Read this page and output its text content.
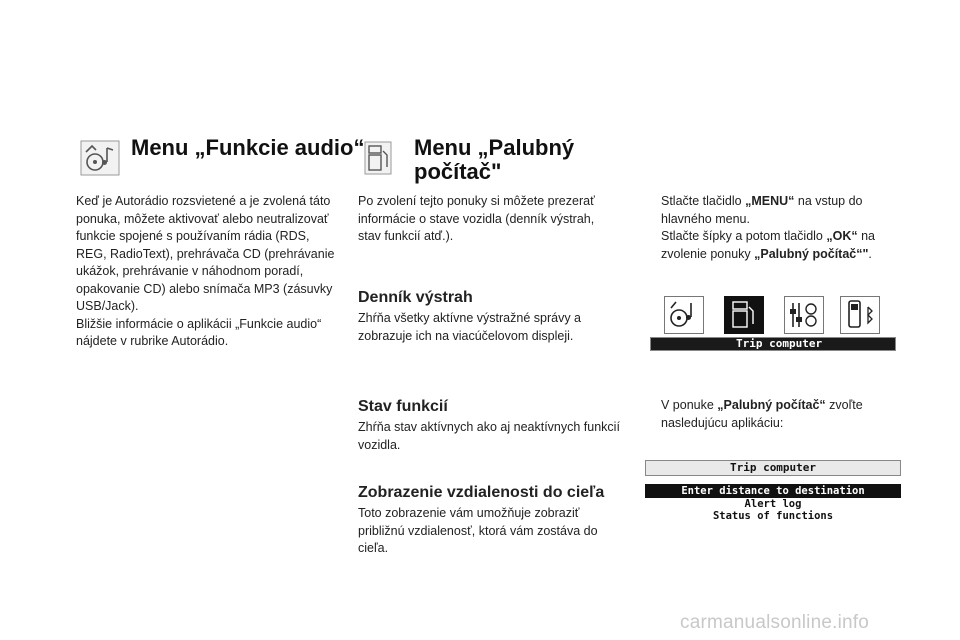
Menu „Funkcie audio“
Keď je Autorádio rozsvietené a je zvolená táto ponuka, môžete aktivovať alebo neutralizovať funkcie spojené s používaním rádia (RDS, REG, RadioText), prehrávača CD (prehrávanie ukážok, prehrávanie v náhodnom poradí, opakovanie CD) alebo snímača MP3 (zásuvky USB/Jack).
Bližšie informácie o aplikácii „Funkcie audio“ nájdete v rubrike Autorádio.
Menu „Palubný
počítač"
Po zvolení tejto ponuky si môžete prezerať informácie o stave vozidla (denník výstrah, stav funkcií atď.).
Denník výstrah
Zhŕňa všetky aktívne výstražné správy a zobrazuje ich na viacúčelovom displeji.
Stav funkcií
Zhŕňa stav aktívnych ako aj neaktívnych funkcií vozidla.
Zobrazenie vzdialenosti do cieľa
Toto zobrazenie vám umožňuje zobraziť približnú vzdialenosť, ktorá vám zostáva do cieľa.
Stlačte tlačidlo „MENU“ na vstup do hlavného menu.
Stlačte šípky a potom tlačidlo „OK“ na zvolenie ponuky „Palubný počítač“".
Trip computer
V ponuke „Palubný počítač“ zvoľte nasledujúcu aplikáciu:
Trip computer
Enter distance to destination
Alert log
Status of functions
carmanualsonline.info
